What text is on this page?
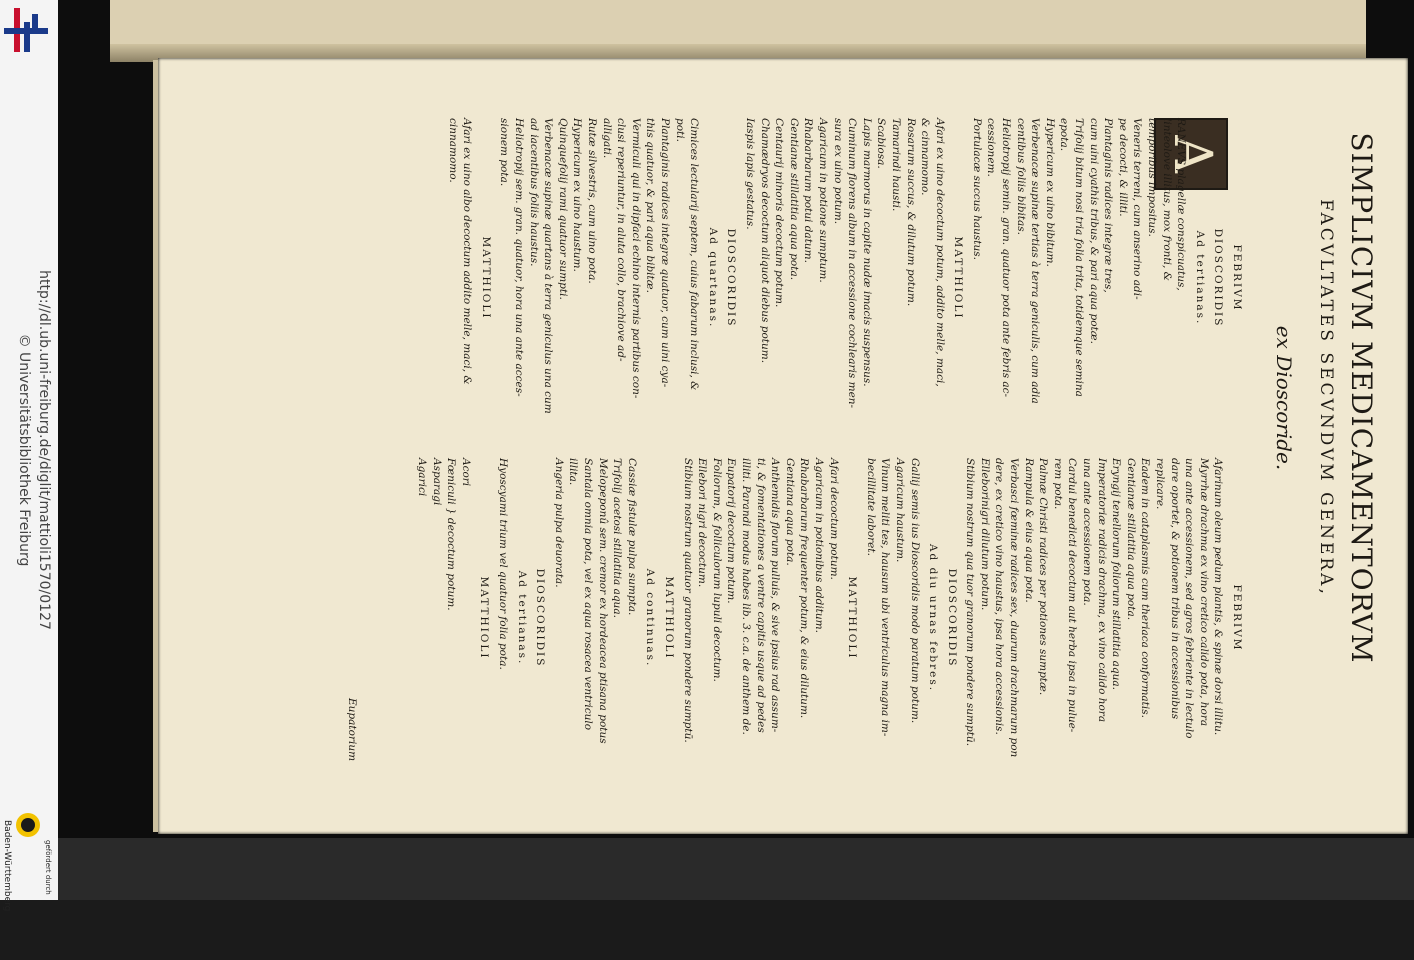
http://dl.ub.uni-freiburg.de/diglit/mattioli1570/0127
© Universitätsbibliothek Freiburg
gefördert durch
Baden-Württemberg
SIMPLICIVM MEDICAMENTORVM
FACVLTATES SECVNDVM GENERA,
ex Dioscoride.
A
FEBRIVM
DIOSCORIDIS
Ad tertianas.
RANEVS plagellæ conspicuatus,
linteolove illitus, mox fronti, &
temporibus impositus.
Veneris terreni, cum anserino adi-
pe decocti, & illiti.
Plantaginis radices integræ tres,
cum uini cyathis tribus, & pari aqua potæ.
Trifolij bitum nosi tria folia trita, totidemque semina
epota.
Hypericum ex uino bibitum.
Verbenacæ supinæ tertias à terra geniculis, cum adia
centibus foliis bibitas.
Heliotropij semin. gran. quatuor pota ante febris ac-
cessionem.
Portulacæ succus haustus.
MATTHIOLI
Afari ex uino decoctum potum, addito melle, maci,
& cinnamomo.
Rosarum succus, & dilutum potum.
Tamarindi hausti.
Scabiosa.
Lapis marmorus in capite nudæ imacis suspensus.
Cuminum florens album in accessione cochlearis men-
sura ex uino potum.
Agaricum in potione sumptum.
Rhabarbarum potui datum.
Gentianæ stillatitia aqua pota.
Centaurij minoris decoctum potum.
Chamædryos decoctum aliquot diebus potum.
Iaspis lapis gestatus.
DIOSCORIDIS
Ad quartanas.
Cimices lectularij septem, cuius fabarum inclusi, &
poti.
Plantaginis radices integræ quatuor, cum uini cya-
this quatuor, & pari aqua bibitæ.
Vermiculi qui in dipfaci echino internis partibus con-
clusi reperiuntur, in aluta collo, brachiove ad-
alligati.
Rutæ silvestris, cum uino pota.
Hypericum ex uino haustum.
Quinquefolij rami quatuor sumpti.
Verbenacæ supinæ quartans à terra geniculus una cum
ad iacentibus foliis haustus.
Heliotropij sem. gran. quatuor, hora una ante acces-
sionem pota.
MATTHIOLI
Afari ex uino albo decoctum addito melle, maci, &
cinnamomo.
FEBRIVM
Afarinum oleum pedum plantis, & spinæ dorsi illitu.
Myrrhæ drachma ex vino cretico calido pota, hora
una ante accessionem, sed agros febriente in lectulo
dare oportet, & potionem tribus in accessionibus
replicare.
Eadem in cataplasmis cum theriaca conformatis.
Gentianæ stillatitia aqua pota.
Eryngij tenellorum foliorum stillatitia aqua.
Imperatoriæ radicis drachma, ex vino calido hora
una ante accessionem pota.
Cardui benedicti decoctum aut herba ipsa in pulue-
rem pota.
Palmæ Christi radices per potiones sumptæ.
Rampula & eius aqua pota.
Verbasci fœminæ radices sex, duarum drachmarum pon
dere, ex cretico vino haustus, ipsa hora accessionis.
Elleborinigri dilutum potum.
Stibium nostrum qua tuor granorum pondere sumptū.
DIOSCORIDIS
Ad diu urnas febres.
Gallij semis ius Dioscoridis modo paratum potum.
Agaricum haustum.
Vinum meliti tes, hausum ubi ventriculus magna im-
becillitate laboret.
MATTHIOLI
Afari decoctum potum.
Agaricum in potionibus additum.
Rhabarbarum frequenter potum, & eius dilutum.
Gentiana aqua pota.
Anthemidis florum pulluis, & sive ipsius rad assum-
ti, & fomentationes a ventre capitis usque ad pedes
illiti. Parandi modus habes lib. 3. c.a. de anthem de.
Eupatorij decoctum potum.
Foliorum, & folliculorum lupuli decoctum.
Ellebori nigri decoctum.
Stibium nostrum quatuor granorum pondere sumptū.
MATTHIOLI
Ad continuas.
Cassiæ fistulæ pulpa sumpta.
Trifolij acetosi stillatitia aqua.
Melopeponû sem. cremor ex hordeacea ptisana potus
Santala omnia pota, vel ex aqua rosacea ventriculo
illita.
Angeria pulpa deuorata.
DIOSCORIDIS
Ad tertianas.
Hyoscyami trium vel quatuor folia pota.
MATTHIOLI
Acori
Fœniculi } decoctum potum.
Asparagi
Agarici
Eupatorium
